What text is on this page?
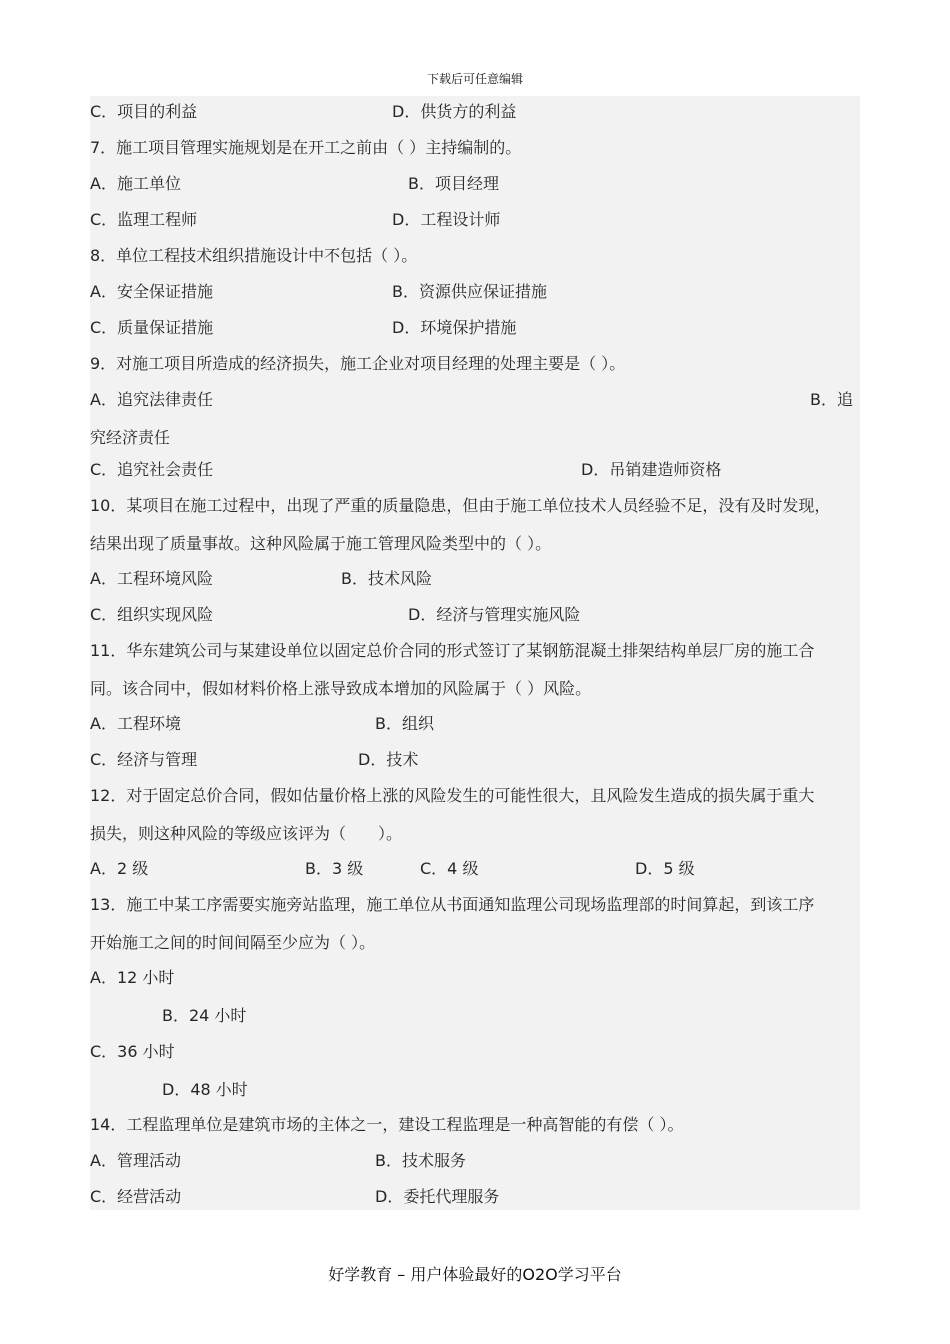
下载后可任意编辑
C．项目的利益	D．供货方的利益
7．施工项目管理实施规划是在开工之前由（ ）主持编制的。
A．施工单位	B．项目经理
C．监理工程师	D．工程设计师
8．单位工程技术组织措施设计中不包括（ ）。
A．安全保证措施	B．资源供应保证措施
C．质量保证措施	D．环境保护措施
9．对施工项目所造成的经济损失，施工企业对项目经理的处理主要是（ ）。
A．追究法律责任	B．追
究经济责任
C．追究社会责任	D．吊销建造师资格
10．某项目在施工过程中，出现了严重的质量隐患，但由于施工单位技术人员经验不足，没有及时发现，
结果出现了质量事故。这种风险属于施工管理风险类型中的（ ）。
A．工程环境风险	B．技术风险
C．组织实现风险	D．经济与管理实施风险
11．华东建筑公司与某建设单位以固定总价合同的形式签订了某钢筋混凝土排架结构单层厂房的施工合
同。该合同中，假如材料价格上涨导致成本增加的风险属于（ ）风险。
A．工程环境	B．组织
C．经济与管理	D．技术
12．对于固定总价合同，假如估量价格上涨的风险发生的可能性很大，且风险发生造成的损失属于重大
损失，则这种风险的等级应该评为（　　）。
A．2 级	B．3 级	C．4 级	D．5 级
13．施工中某工序需要实施旁站监理，施工单位从书面通知监理公司现场监理部的时间算起，到该工序
开始施工之间的时间间隔至少应为（ ）。
A．12 小时
B．24 小时
C．36 小时
D．48 小时
14．工程监理单位是建筑市场的主体之一，建设工程监理是一种高智能的有偿（ ）。
A．管理活动	B．技术服务
C．经营活动	D．委托代理服务
好学教育 – 用户体验最好的O2O学习平台
